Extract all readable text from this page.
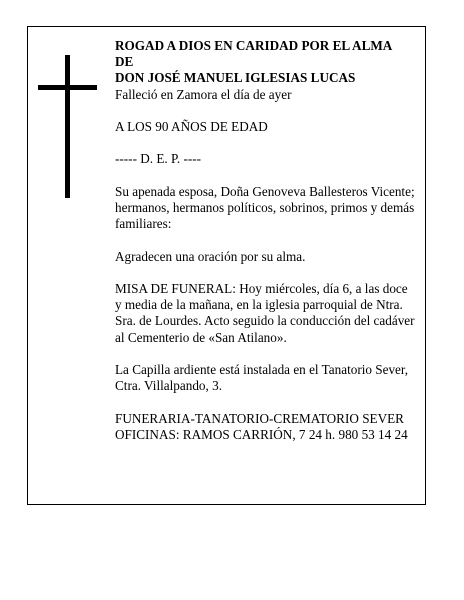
ROGAD A DIOS EN CARIDAD POR EL ALMA
DE
DON JOSÉ MANUEL IGLESIAS LUCAS

Falleció en Zamora el día de ayer

A LOS 90 AÑOS DE EDAD

----- D. E. P. ----

Su apenada esposa, Doña Genoveva Ballesteros Vicente; hermanos, hermanos políticos, sobrinos, primos y demás familiares:

Agradecen una oración por su alma.

MISA DE FUNERAL: Hoy miércoles, día 6, a las doce y media de la mañana, en la iglesia parroquial de Ntra. Sra. de Lourdes. Acto seguido la conducción del cadáver al Cementerio de «San Atilano».

La Capilla ardiente está instalada en el Tanatorio Sever, Ctra. Villalpando, 3.

FUNERARIA-TANATORIO-CREMATORIO SEVER
OFICINAS: RAMOS CARRIÓN, 7 24 h. 980 53 14 24
